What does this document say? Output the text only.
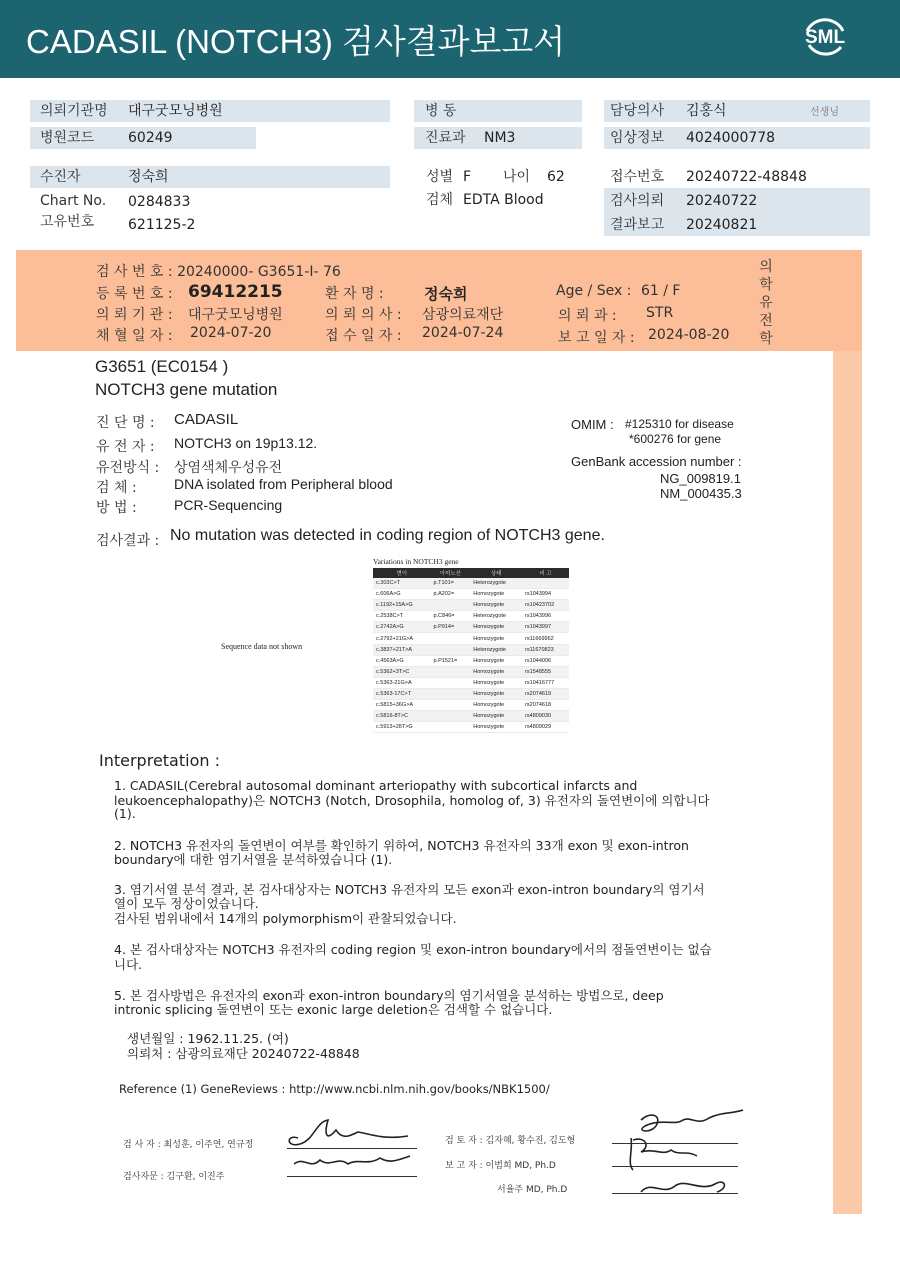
CADASIL (NOTCH3) 검사결과보고서	SML
의뢰기관명 대구굿모닝병원
병원코드 60249
병 동
진료과 NM3
담당의사 김홍식	선생님
임상정보 4024000778
수진자	정숙희
Chart No. 0284833
고유번호 621125-2
성별 F 나이 62
검체 EDTA Blood
접수번호 20240722-48848
검사의뢰 20240722
결과보고 20240821
의
학
유
전
학
검 사 번 호 : 20240000- G3651-I- 76
등 록 번 호 : 69412215	환 자 명 :	정숙희	Age / Sex : 61 / F
의 뢰 기 관 : 대구굿모닝병원	의 뢰 의 사 : 삼광의료재단	의 뢰 과 : STR
채 혈 일 자 : 2024-07-20	접 수 일 자 : 2024-07-24	보 고 일 자 : 2024-08-20
G3651 (EC0154 )
NOTCH3 gene mutation
진 단 명 : CADASIL
유 전 자 : NOTCH3 on 19p13.12.
유전방식 : 상염색체우성유전
검 체 :	DNA isolated from Peripheral blood
방 법 :	PCR-Sequencing
OMIM : #125310 for disease
*600276 for gene
GenBank accession number :
NG_009819.1
NM_000435.3
검사결과 : No mutation was detected in coding region of NOTCH3 gene.
Sequence data not shown
Variations in NOTCH3 gene
변이	아미노산	상태	비 고
c.303C>T	p.T101=	Heterozygote	
c.606A>G	p.A202=	Homozygote	rs1043994
c.1192+15A>G		Homozygote	rs10423702
c.2538C>T	p.C846=	Heterozygote	rs1043996
c.2742A>G	p.P914=	Homozygote	rs1043997
c.2792+21G>A		Homozygote	rs11669962
c.3837+21T>A		Heterozygote	rs11670823
c.4563A>G	p.P1521=	Homozygote	rs1044006
c.5362+3T>C		Homozygote	rs1548555
c.5363-21G>A		Homozygote	rs10416777
c.5363-17C>T		Homozygote	rs2074619
c.5815+36G>A		Homozygote	rs2074618
c.5816-8T>C		Homozygote	rs4809030
c.5913+28T>G		Homozygote	rs4809029
Interpretation :
1. CADASIL(Cerebral autosomal dominant arteriopathy with subcortical infarcts and
leukoencephalopathy)은 NOTCH3 (Notch, Drosophila, homolog of, 3) 유전자의 돌연변이에 의합니다
(1).
2. NOTCH3 유전자의 돌연변이 여부를 확인하기 위하여, NOTCH3 유전자의 33개 exon 및 exon-intron
boundary에 대한 염기서열을 분석하였습니다 (1).
3. 염기서열 분석 결과, 본 검사대상자는 NOTCH3 유전자의 모든 exon과 exon-intron boundary의 염기서
열이 모두 정상이었습니다.
검사된 범위내에서 14개의 polymorphism이 관찰되었습니다.
4. 본 검사대상자는 NOTCH3 유전자의 coding region 및 exon-intron boundary에서의 점돌연변이는 없습
니다.
5. 본 검사방법은 유전자의 exon과 exon-intron boundary의 염기서열을 분석하는 방법으로, deep
intronic splicing 돌연변이 또는 exonic large deletion은 검색할 수 없습니다.
생년월일 : 1962.11.25. (여)
의뢰처 : 삼광의료재단 20240722-48848
Reference (1) GeneReviews : http://www.ncbi.nlm.nih.gov/books/NBK1500/
검 사 자 : 최성훈, 이주연, 연규정
검사자문 : 김구환, 이진주
검 토 자 : 김자혜, 황수진, 김도형
보 고 자 : 이범희 MD, Ph.D
서율주 MD, Ph.D
